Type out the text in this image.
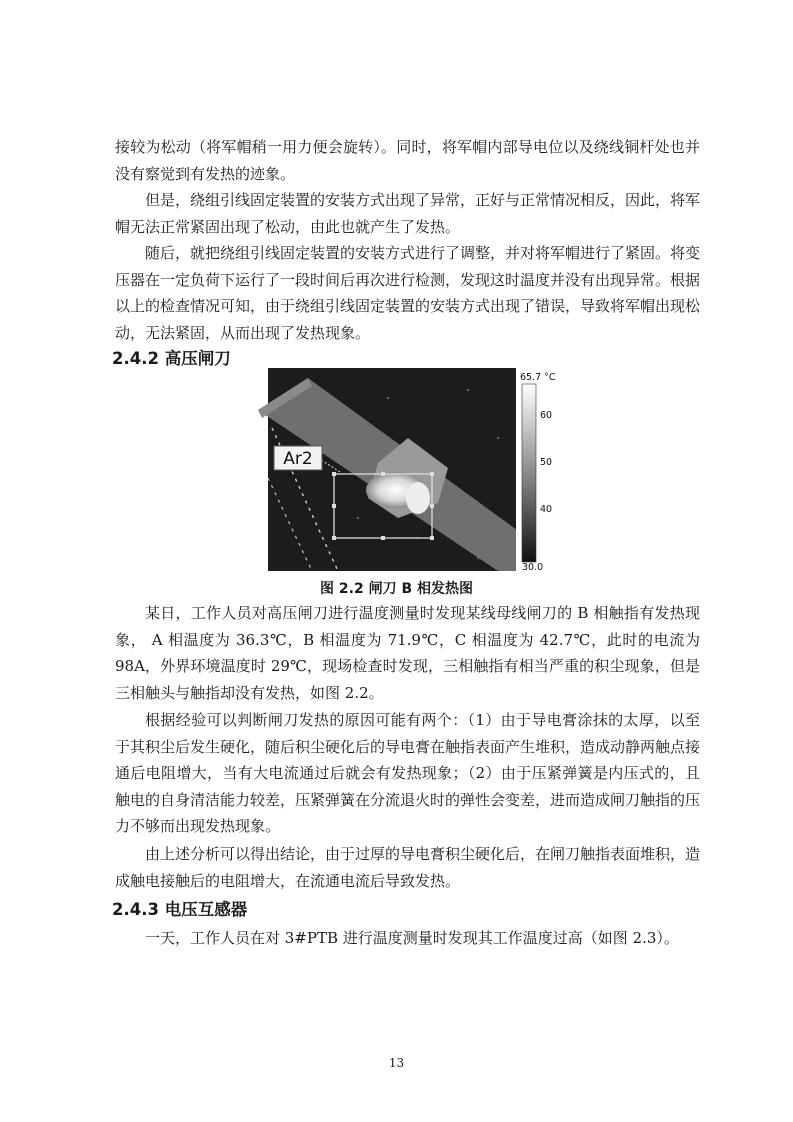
接较为松动（将军帽稍一用力便会旋转）。同时，将军帽内部导电位以及绕线铜杆处也并没有察觉到有发热的迹象。

但是，绕组引线固定装置的安装方式出现了异常，正好与正常情况相反，因此，将军帽无法正常紧固出现了松动，由此也就产生了发热。

随后，就把绕组引线固定装置的安装方式进行了调整，并对将军帽进行了紧固。将变压器在一定负荷下运行了一段时间后再次进行检测，发现这时温度并没有出现异常。根据以上的检查情况可知，由于绕组引线固定装置的安装方式出现了错误，导致将军帽出现松动，无法紧固，从而出现了发热现象。

2.4.2 高压闸刀
Ar2
65.7 °C
60
50
40
30.0
图 2.2 闸刀 B 相发热图

某日，工作人员对高压闸刀进行温度测量时发现某线母线闸刀的 B 相触指有发热现象， A 相温度为 36.3℃，B 相温度为 71.9℃，C 相温度为 42.7℃，此时的电流为 98A，外界环境温度时 29℃，现场检查时发现，三相触指有相当严重的积尘现象，但是三相触头与触指却没有发热，如图 2.2。

根据经验可以判断闸刀发热的原因可能有两个：（1）由于导电膏涂抹的太厚，以至于其积尘后发生硬化，随后积尘硬化后的导电膏在触指表面产生堆积，造成动静两触点接通后电阻增大，当有大电流通过后就会有发热现象；（2）由于压紧弹簧是内压式的，且触电的自身清洁能力较差，压紧弹簧在分流退火时的弹性会变差，进而造成闸刀触指的压力不够而出现发热现象。

由上述分析可以得出结论，由于过厚的导电膏积尘硬化后，在闸刀触指表面堆积，造成触电接触后的电阻增大，在流通电流后导致发热。

2.4.3 电压互感器

一天，工作人员在对 3#PTB 进行温度测量时发现其工作温度过高（如图 2.3）。

13
